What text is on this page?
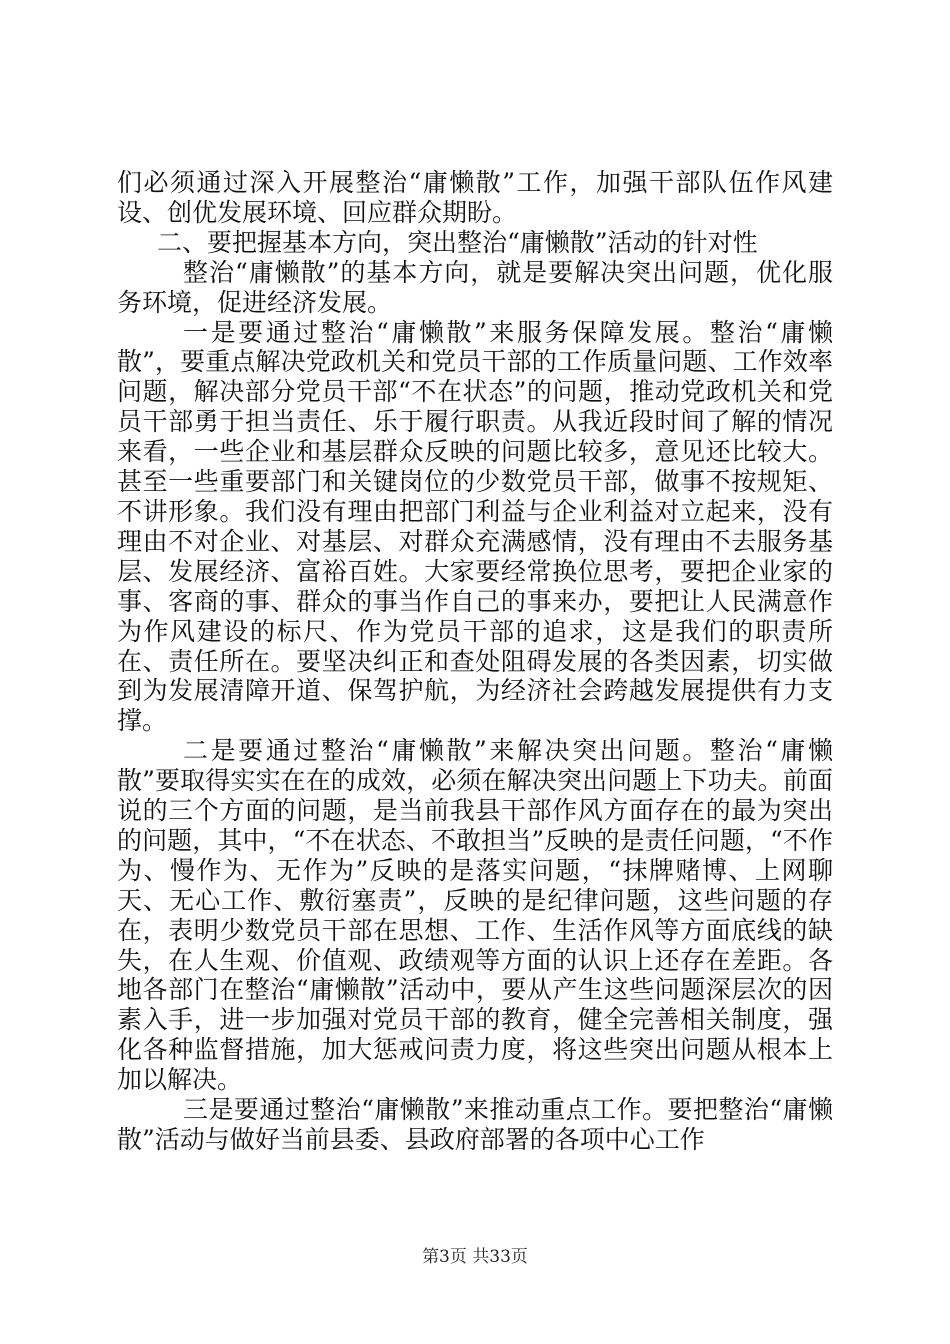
们必须通过深入开展整治“庸懒散”工作，加强干部队伍作风建设、创优发展环境、回应群众期盼。

二、要把握基本方向，突出整治“庸懒散”活动的针对性

整治“庸懒散”的基本方向，就是要解决突出问题，优化服务环境，促进经济发展。

一是要通过整治“庸懒散”来服务保障发展。整治“庸懒散”，要重点解决党政机关和党员干部的工作质量问题、工作效率问题，解决部分党员干部“不在状态”的问题，推动党政机关和党员干部勇于担当责任、乐于履行职责。从我近段时间了解的情况来看，一些企业和基层群众反映的问题比较多，意见还比较大。甚至一些重要部门和关键岗位的少数党员干部，做事不按规矩、不讲形象。我们没有理由把部门利益与企业利益对立起来，没有理由不对企业、对基层、对群众充满感情，没有理由不去服务基层、发展经济、富裕百姓。大家要经常换位思考，要把企业家的事、客商的事、群众的事当作自己的事来办，要把让人民满意作为作风建设的标尺、作为党员干部的追求，这是我们的职责所在、责任所在。要坚决纠正和查处阻碍发展的各类因素，切实做到为发展清障开道、保驾护航，为经济社会跨越发展提供有力支撑。

二是要通过整治“庸懒散”来解决突出问题。整治“庸懒散”要取得实实在在的成效，必须在解决突出问题上下功夫。前面说的三个方面的问题，是当前我县干部作风方面存在的最为突出的问题，其中，“不在状态、不敢担当”反映的是责任问题，“不作为、慢作为、无作为”反映的是落实问题，“抹牌赌博、上网聊天、无心工作、敷衍塞责”，反映的是纪律问题，这些问题的存在，表明少数党员干部在思想、工作、生活作风等方面底线的缺失，在人生观、价值观、政绩观等方面的认识上还存在差距。各地各部门在整治“庸懒散”活动中，要从产生这些问题深层次的因素入手，进一步加强对党员干部的教育，健全完善相关制度，强化各种监督措施，加大惩戒问责力度，将这些突出问题从根本上加以解决。

三是要通过整治“庸懒散”来推动重点工作。要把整治“庸懒散”活动与做好当前县委、县政府部署的各项中心工作

第3页 共33页
